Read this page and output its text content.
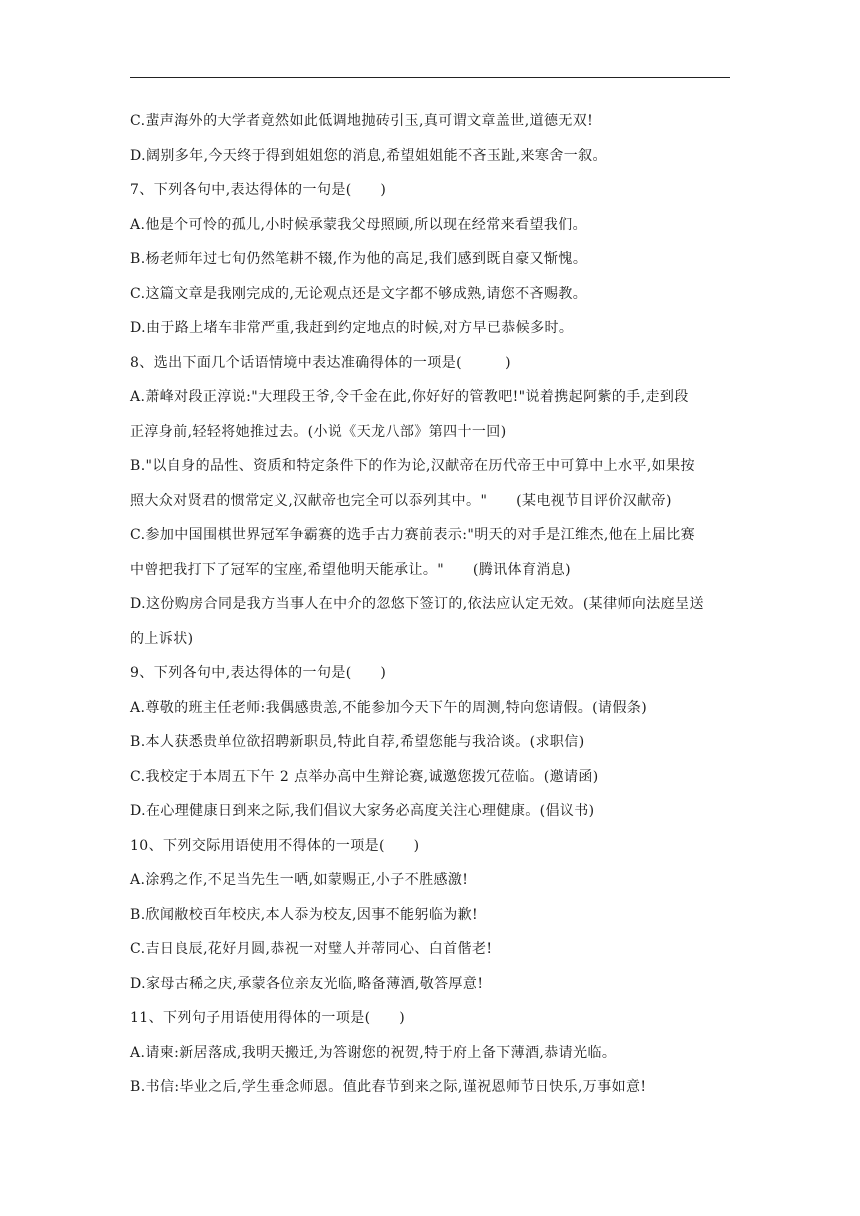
C.蜚声海外的大学者竟然如此低调地抛砖引玉,真可谓文章盖世,道德无双!
D.阔别多年,今天终于得到姐姐您的消息,希望姐姐能不吝玉趾,来寒舍一叙。
7、下列各句中,表达得体的一句是(　　)
A.他是个可怜的孤儿,小时候承蒙我父母照顾,所以现在经常来看望我们。
B.杨老师年过七旬仍然笔耕不辍,作为他的高足,我们感到既自豪又惭愧。
C.这篇文章是我刚完成的,无论观点还是文字都不够成熟,请您不吝赐教。
D.由于路上堵车非常严重,我赶到约定地点的时候,对方早已恭候多时。
8、选出下面几个话语情境中表达准确得体的一项是(　　　)
A.萧峰对段正淳说:"大理段王爷,令千金在此,你好好的管教吧!"说着携起阿紫的手,走到段
正淳身前,轻轻将她推过去。(小说《天龙八部》第四十一回)
B."以自身的品性、资质和特定条件下的作为论,汉献帝在历代帝王中可算中上水平,如果按
照大众对贤君的惯常定义,汉献帝也完全可以忝列其中。"　　(某电视节目评价汉献帝)
C.参加中国围棋世界冠军争霸赛的选手古力赛前表示:"明天的对手是江维杰,他在上届比赛
中曾把我打下了冠军的宝座,希望他明天能承让。"　　(腾讯体育消息)
D.这份购房合同是我方当事人在中介的忽悠下签订的,依法应认定无效。(某律师向法庭呈送
的上诉状)
9、下列各句中,表达得体的一句是(　　)
A.尊敬的班主任老师:我偶感贵恙,不能参加今天下午的周测,特向您请假。(请假条)
B.本人获悉贵单位欲招聘新职员,特此自荐,希望您能与我洽谈。(求职信)
C.我校定于本周五下午 2 点举办高中生辩论赛,诚邀您拨冗莅临。(邀请函)
D.在心理健康日到来之际,我们倡议大家务必高度关注心理健康。(倡议书)
10、下列交际用语使用不得体的一项是(　　)
A.涂鸦之作,不足当先生一哂,如蒙赐正,小子不胜感激!
B.欣闻敝校百年校庆,本人忝为校友,因事不能躬临为歉!
C.吉日良辰,花好月圆,恭祝一对璧人并蒂同心、白首偕老!
D.家母古稀之庆,承蒙各位亲友光临,略备薄酒,敬答厚意!
11、下列句子用语使用得体的一项是(　　)
A.请柬:新居落成,我明天搬迁,为答谢您的祝贺,特于府上备下薄酒,恭请光临。
B.书信:毕业之后,学生垂念师恩。值此春节到来之际,谨祝恩师节日快乐,万事如意!
